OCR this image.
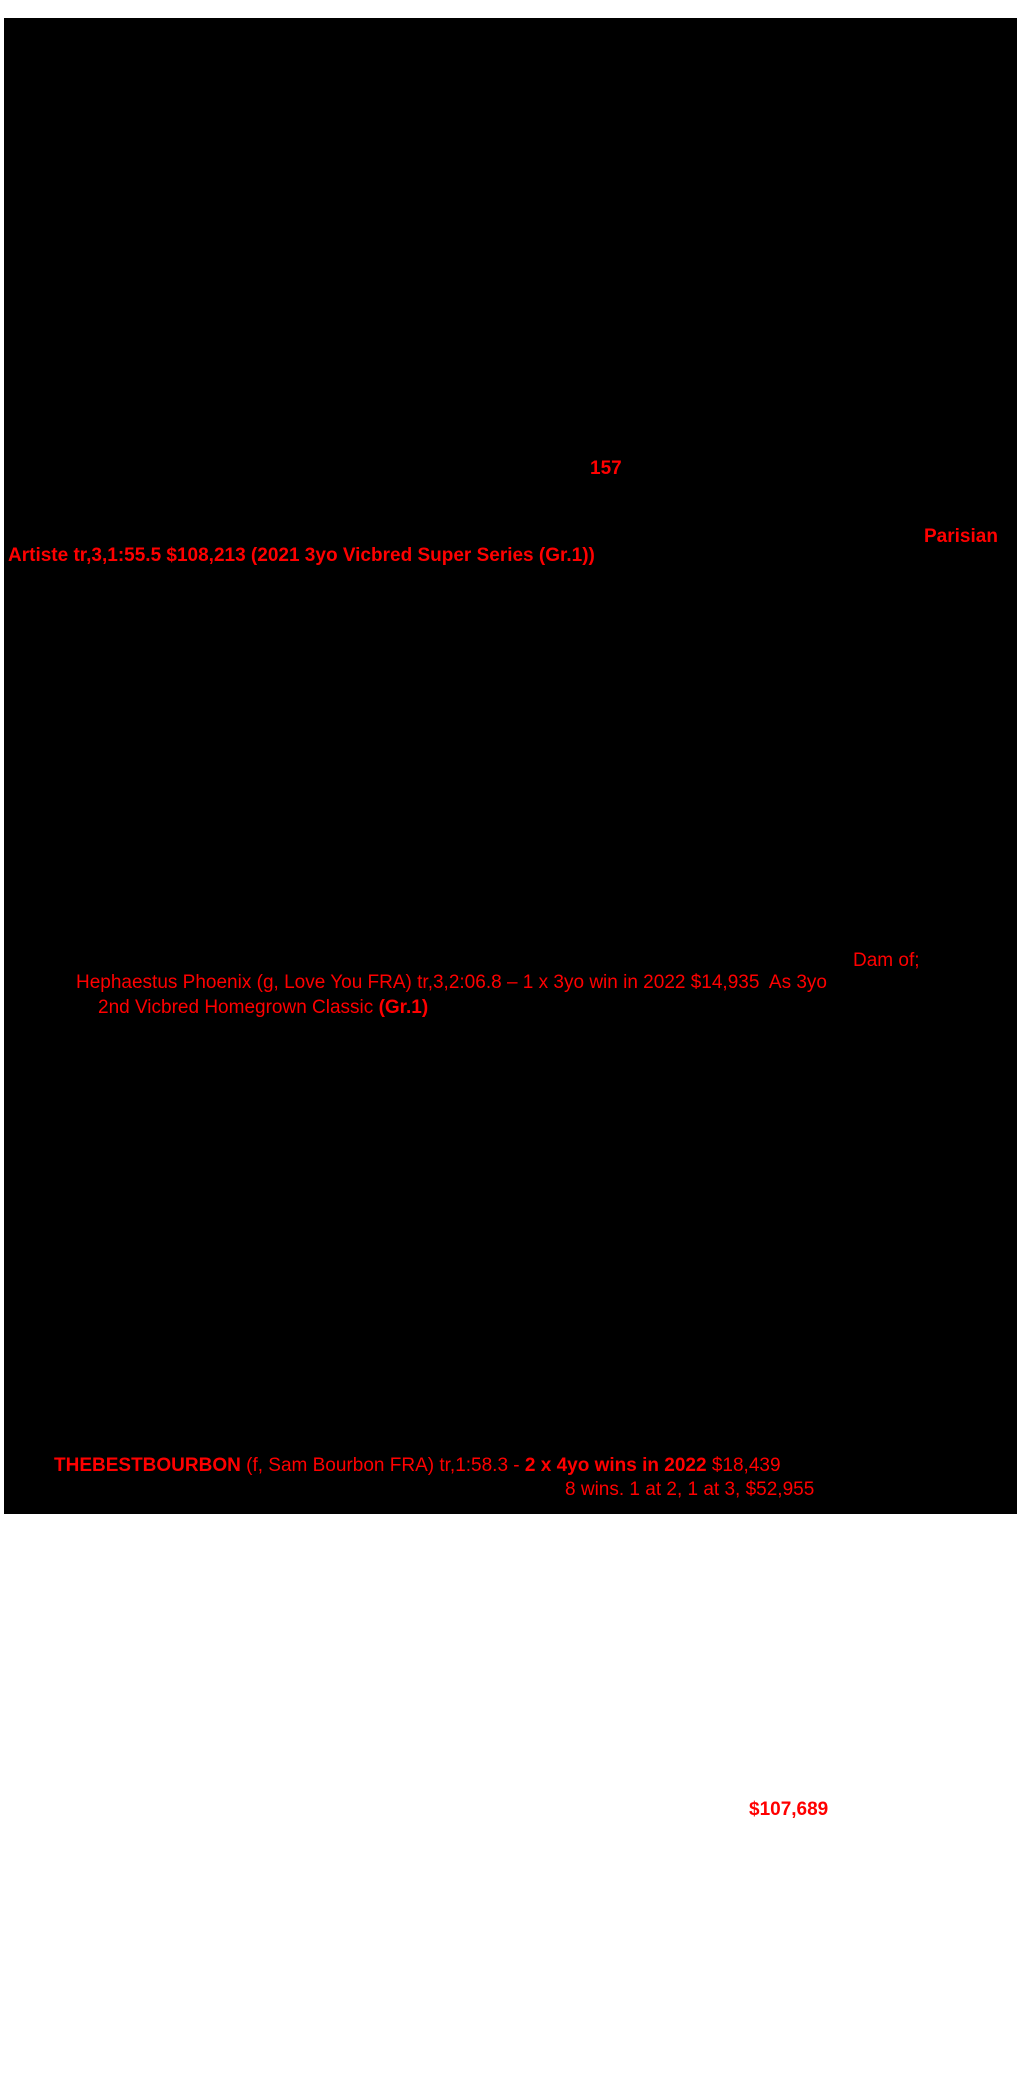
157
Parisian
Artiste tr,3,1:55.5 $108,213 (2021 3yo Vicbred Super Series (Gr.1))
Dam of;
Hephaestus Phoenix (g, Love You FRA) tr,3,2:06.8 – 1 x 3yo win in 2022 $14,935  As 3yo
2nd Vicbred Homegrown Classic (Gr.1)
THEBESTBOURBON (f, Sam Bourbon FRA) tr,1:58.3 - 2 x 4yo wins in 2022 $18,439
8 wins. 1 at 2, 1 at 3, $52,955
$107,689
